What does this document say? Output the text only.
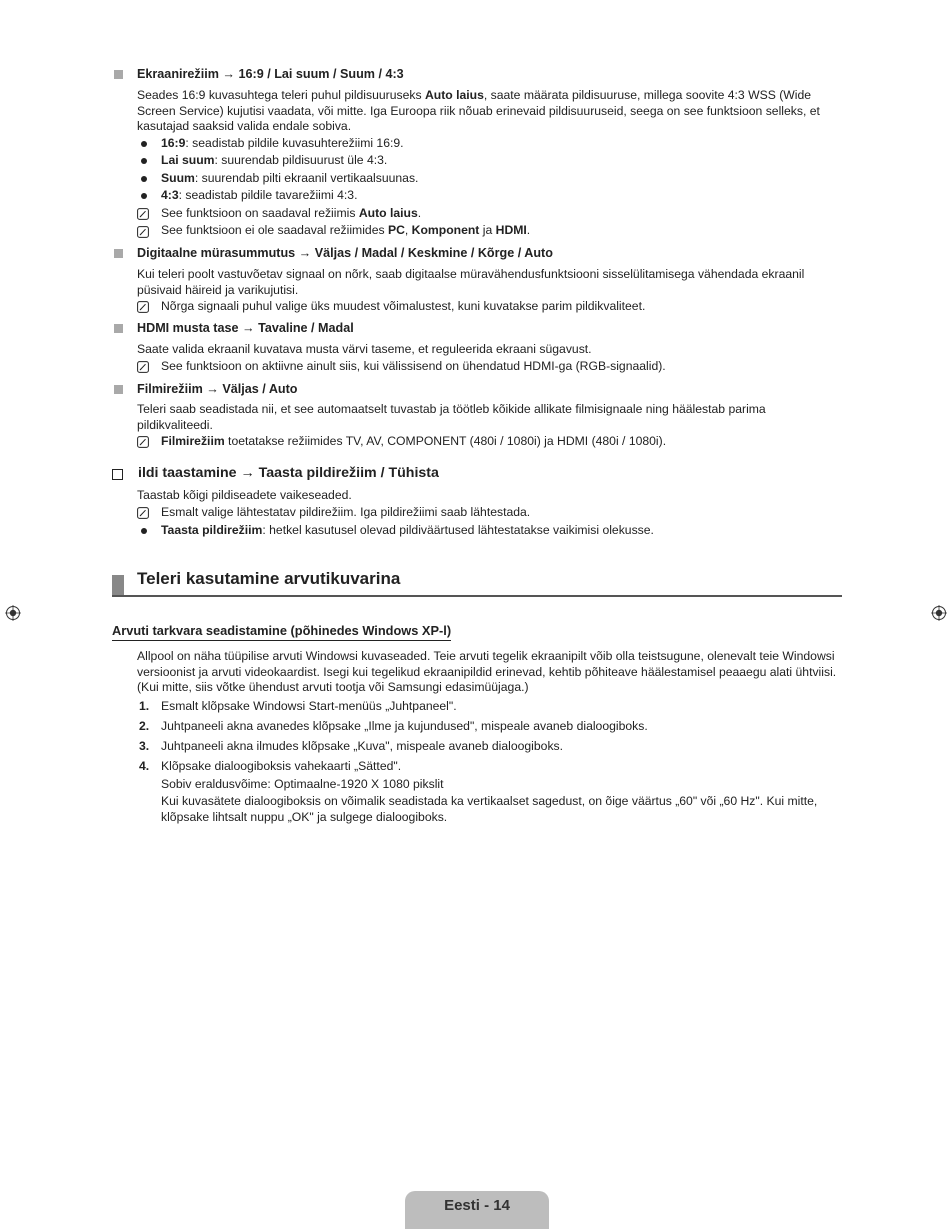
Ekraanirežiim → 16:9 / Lai suum / Suum / 4:3
Seades 16:9 kuvasuhtega teleri puhul pildisuuruseks Auto laius, saate määrata pildisuuruse, millega soovite 4:3 WSS (Wide Screen Service) kujutisi vaadata, või mitte. Iga Euroopa riik nõuab erinevaid pildisuuruseid, seega on see funktsioon selleks, et kasutajad saaksid valida endale sobiva.
16:9: seadistab pildile kuvasuhterežiimi 16:9.
Lai suum: suurendab pildisuurust üle 4:3.
Suum: suurendab pilti ekraanil vertikaalsuunas.
4:3: seadistab pildile tavarežiimi 4:3.
See funktsioon on saadaval režiimis Auto laius.
See funktsioon ei ole saadaval režiimides PC, Komponent ja HDMI.
Digitaalne mürasummutus → Väljas / Madal / Keskmine / Kõrge / Auto
Kui teleri poolt vastuvõetav signaal on nõrk, saab digitaalse müravähendusfunktsiooni sisselülitamisega vähendada ekraanil püsivaid häireid ja varikujutisi.
Nõrga signaali puhul valige üks muudest võimalustest, kuni kuvatakse parim pildikvaliteet.
HDMI musta tase → Tavaline / Madal
Saate valida ekraanil kuvatava musta värvi taseme, et reguleerida ekraani sügavust.
See funktsioon on aktiivne ainult siis, kui välissisend on ühendatud HDMI-ga (RGB-signaalid).
Filmirežiim → Väljas / Auto
Teleri saab seadistada nii, et see automaatselt tuvastab ja töötleb kõikide allikate filmisignaale ning häälestab parima pildikvaliteedi.
Filmirežiim toetatakse režiimides TV, AV, COMPONENT (480i / 1080i) ja HDMI (480i / 1080i).
ildi taastamine → Taasta pildirežiim / Tühista
Taastab kõigi pildiseadete vaikeseaded.
Esmalt valige lähtestatav pildirežiim. Iga pildirežiimi saab lähtestada.
Taasta pildirežiim: hetkel kasutusel olevad pildiväärtused lähtestatakse vaikimisi olekusse.
Teleri kasutamine arvutikuvarina
Arvuti tarkvara seadistamine (põhinedes Windows XP-l)
Allpool on näha tüüpilise arvuti Windowsi kuvaseaded. Teie arvuti tegelik ekraanipilt võib olla teistsugune, olenevalt teie Windowsi versioonist ja arvuti videokaardist. Isegi kui tegelikud ekraanipildid erinevad, kehtib põhiteave häälestamisel peaaegu alati ühtviisi. (Kui mitte, siis võtke ühendust arvuti tootja või Samsungi edasimüüjaga.)
1. Esmalt klõpsake Windowsi Start-menüüs „Juhtpaneel".
2. Juhtpaneeli akna avanedes klõpsake „Ilme ja kujundused", mispeale avaneb dialoogiboks.
3. Juhtpaneeli akna ilmudes klõpsake „Kuva", mispeale avaneb dialoogiboks.
4. Klõpsake dialoogiboksis vahekaarti „Sätted".
Sobiv eraldusvõime: Optimaalne-1920 X 1080 pikslit
Kui kuvasätete dialoogiboksis on võimalik seadistada ka vertikaalset sagedust, on õige väärtus „60" või „60 Hz". Kui mitte, klõpsake lihtsalt nuppu „OK" ja sulgege dialoogiboks.
Eesti - 14
